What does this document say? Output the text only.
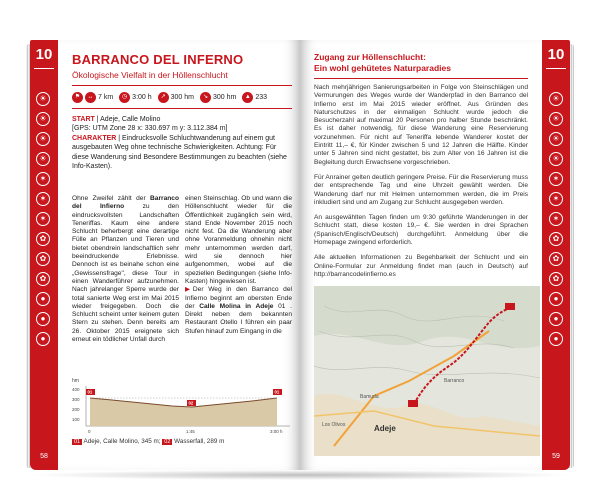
10
☀
☀
☀
☀
✶
✶
✶
✿
✿
✿
●
●
●
58
BARRANCO DEL INFERNO
Ökologische Vielfalt in der Höllenschlucht
⚑	↔ 7 km	◷ 3:00 h	↗ 300 hm	↘ 300 hm	▲ 233
START | Adeje, Calle Molino
[GPS: UTM Zone 28 x: 330.697 m y: 3.112.384 m]
CHARAKTER | Eindrucksvolle Schluchtwanderung auf einem gut ausgebauten Weg ohne technische Schwierigkeiten. Achtung: Für diese Wanderung sind Besondere Bestimmungen zu beachten (siehe Info-Kasten).

Ohne Zweifel zählt der Barranco del Infierno zu den eindrucksvollsten Landschaften Teneriffas. Kaum eine andere Schlucht beherbergt eine derartige Fülle an Pflanzen und Tieren und bietet obendrein landschaftlich sehr beeindruckende Erlebnisse. Dennoch ist es beinahe schon eine „Gewissensfrage", diese Tour in einen Wanderführer aufzunehmen. Nach jahrelanger Sperre wurde der total sanierte Weg erst im Mai 2015 wieder freigegeben. Doch die Schlucht scheint unter keinem guten Stern zu stehen. Denn bereits am 26. Oktober 2015 ereignete sich erneut ein tödlicher Unfall durch

einen Steinschlag. Ob und wann die Höllenschlucht wieder für die Öffentlichkeit zugänglich sein wird, stand Ende November 2015 noch nicht fest. Da die Wanderung aber ohne Voranmeldung ohnehin nicht mehr unternommen werden darf, wird sie dennoch hier aufgenommen, wobei auf die speziellen Bedingungen (siehe Info-Kasten) hingewiesen ist.

▶Der Weg in den Barranco del Infierno beginnt am obersten Ende der Calle Molina in Adeje 01 . Direkt neben dem bekannten Restaurant Otello I führen ein paar Stufen hinauf zum Eingang in die

hm
400
300
200
100
01
02
01
0	1:45	3:00 h
01 Adeje, Calle Molino, 345 m; 02 Wasserfall, 289 m
10
☀
☀
☀
☀
✶
✶
✶
✿
✿
✿
●
●
●
59
Zugang zur Höllenschlucht:
Ein wohl gehütetes Naturparadies

Nach mehrjährigen Sanierungsarbeiten in Folge von Steinschlägen und Vermurungen des Weges wurde der Wanderpfad in den Barranco del Infierno erst im Mai 2015 wieder eröffnet. Aus Gründen des Naturschutzes in der einmaligen Schlucht wurde jedoch die Besucherzahl auf maximal 20 Personen pro halber Stunde beschränkt. Es ist daher notwendig, für diese Wanderung eine Reservierung vorzunehmen. Für nicht auf Teneriffa lebende Wanderer kostet der Eintritt 11,– €, für Kinder zwischen 5 und 12 Jahren die Hälfte. Kinder unter 5 Jahren sind nicht gestattet, bis zum Alter von 16 Jahren ist die Begleitung durch Erwachsene vorgeschrieben.

Für Anrainer gelten deutlich geringere Preise. Für die Reservierung muss der entsprechende Tag und eine Uhrzeit gewählt werden. Die Wanderung darf nur mit Helmen unternommen werden, die im Preis inkludiert sind und am Zugang zur Schlucht ausgegeben werden.

An ausgewählten Tagen finden um 9:30 geführte Wanderungen in der Schlucht statt, diese kosten 19,– €. Sie werden in drei Sprachen (Spanisch/Englisch/Deutsch) durchgeführt. Anmeldung über die Homepage zwingend erforderlich.

Alle aktuellen Informationen zu Begehbarkeit der Schlucht und ein Online-Formular zur Anmeldung findet man (auch in Deutsch) auf http://barrancodelinfierno.es

Adeje
Barranco
Los Olivos
Bamuda
